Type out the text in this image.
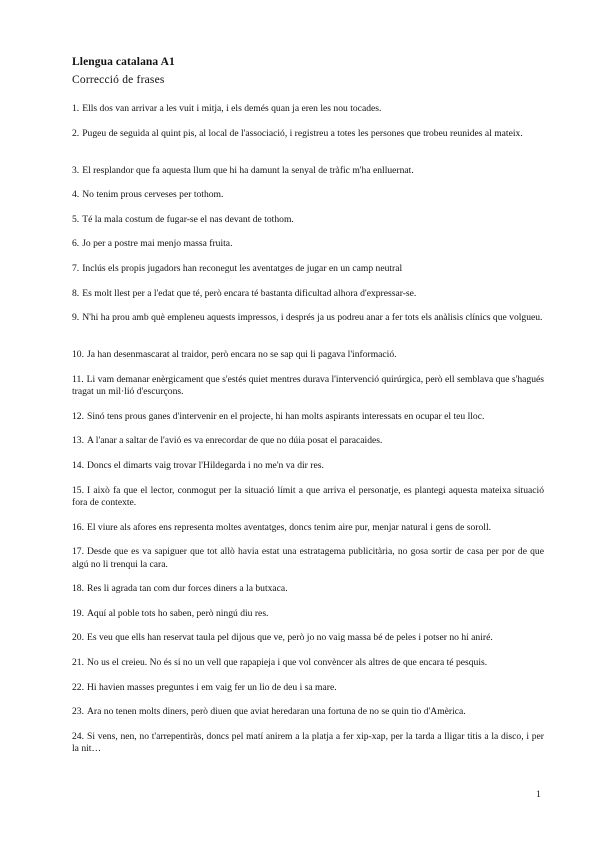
Llengua catalana A1
Correcció de frases
1. Ells dos van arrivar a les vuit i mitja, i els demés quan ja eren les nou tocades.
2. Pugeu de seguida al quint pis, al local de l'associació, i registreu a totes les persones que trobeu reunides al mateix.
3. El resplandor que fa aquesta llum que hi ha damunt la senyal de tràfic m'ha enlluernat.
4. No tenim prous cerveses per tothom.
5. Té la mala costum de fugar-se el nas devant de tothom.
6. Jo per a postre mai menjo massa fruita.
7. Inclús els propis jugadors han reconegut les aventatges de jugar en un camp neutral
8. Es molt llest per a l'edat que té, però encara té bastanta dificultad alhora d'expressar-se.
9. N'hi ha prou amb què empleneu aquests impressos, i després ja us podreu anar a fer tots els anàlisis clínics que volgueu.
10. Ja han desenmascarat al traidor, però encara no se sap qui li pagava l'informació.
11. Li vam demanar enèrgicament que s'estés quiet mentres durava l'intervenció quirúrgica, però ell semblava que s'hagués tragat un mil·lió d'escurçons.
12. Sinó tens prous ganes d'intervenir en el projecte, hi han molts aspirants interessats en ocupar el teu lloc.
13. A l'anar a saltar de l'avió es va enrecordar de que no dúia posat el paracaides.
14. Doncs el dimarts vaig trovar l'Hildegarda i no me'n va dir res.
15. I això fa que el lector, conmogut per la situació límit a que arriva el personatje, es plantegi aquesta mateixa situació fora de contexte.
16. El viure als afores ens representa moltes aventatges, doncs tenim aire pur, menjar natural i gens de soroll.
17. Desde que es va sapiguer que tot allò havia estat una estratagema publicitària, no gosa sortir de casa per por de que algú no li trenqui la cara.
18. Res li agrada tan com dur forces diners a la butxaca.
19. Aquí al poble tots ho saben, però ningú diu res.
20. Es veu que ells han reservat taula pel dijous que ve, però jo no vaig massa bé de peles i potser no hi aniré.
21. No us el creieu. No és si no un vell que rapapieja i que vol convèncer als altres de que encara té pesquis.
22. Hi havien masses preguntes i em vaig fer un lio de deu i sa mare.
23. Ara no tenen molts diners, però diuen que aviat heredaran una fortuna de no se quin tio d'Amèrica.
24. Si vens, nen, no t'arrepentiràs, doncs pel matí anirem a la platja a fer xip-xap, per la tarda a lligar titis a la disco, i per la nit…
1
